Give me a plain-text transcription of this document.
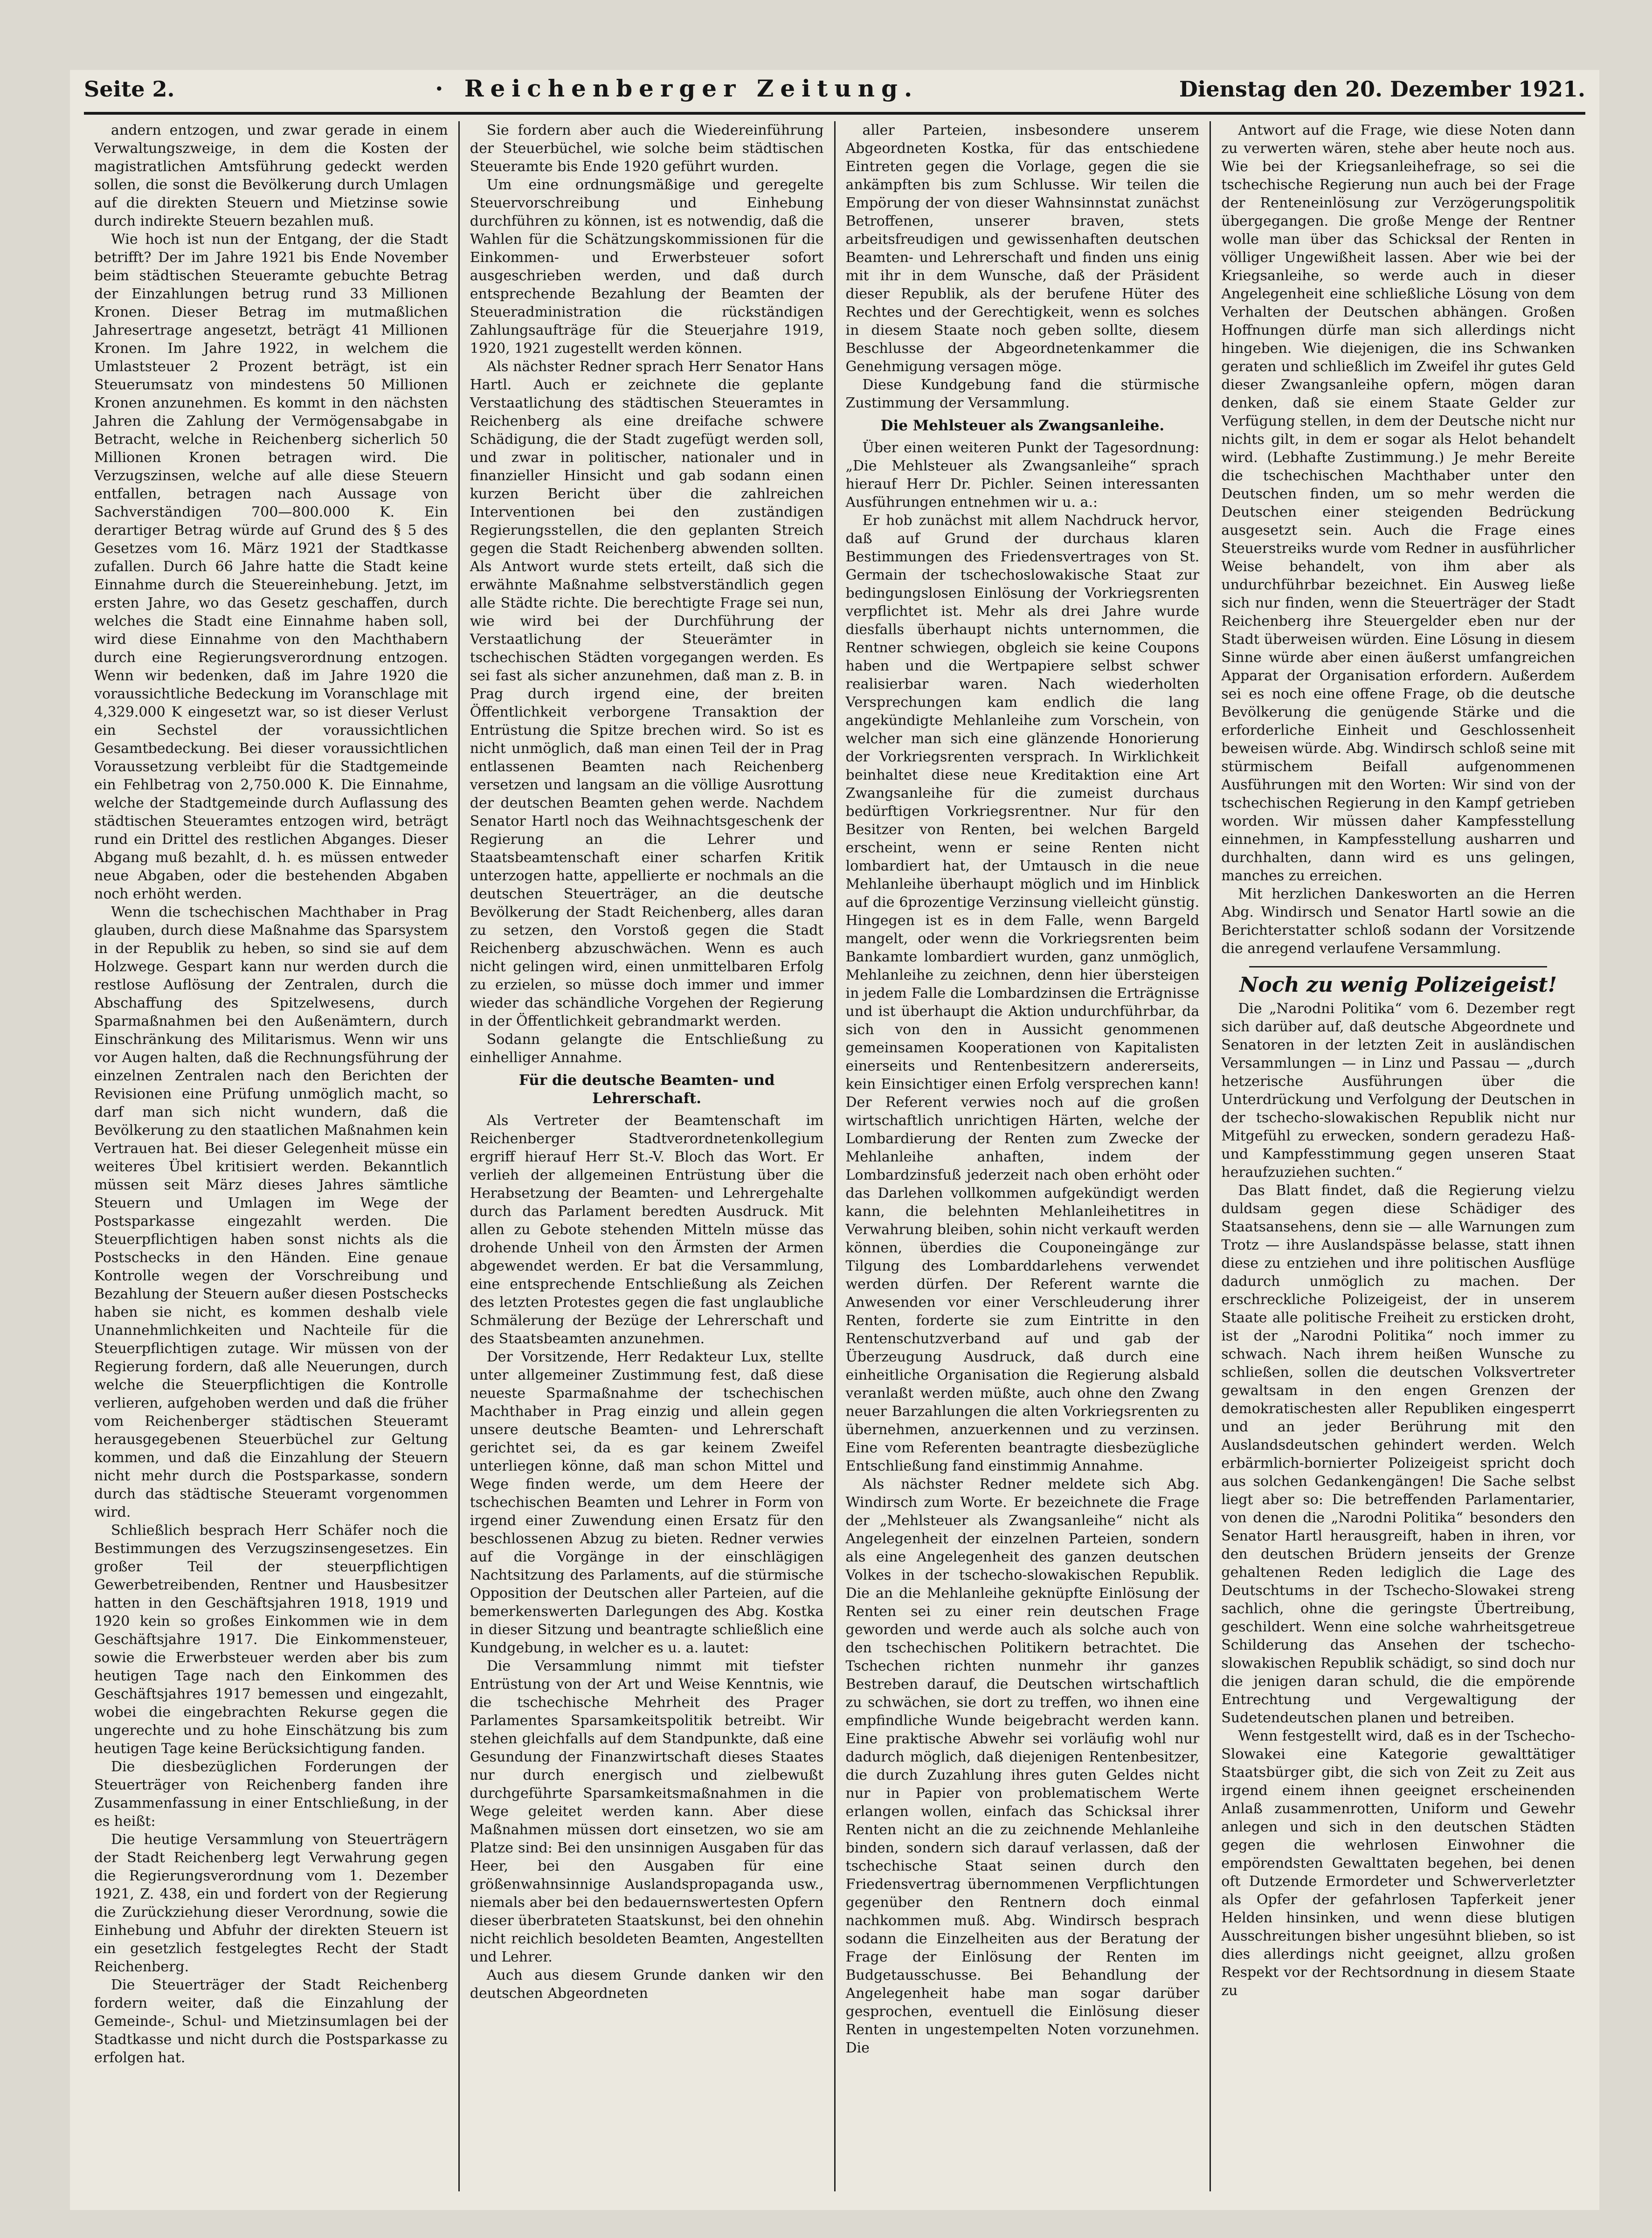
Seite 2.	· Reichenberger Zeitung.	Dienstag den 20. Dezember 1921.

andern entzogen, und zwar gerade in einem Verwaltungszweige, in dem die Kosten der magistratlichen Amtsführung gedeckt werden sollen, die sonst die Bevölkerung durch Umlagen auf die direkten Steuern und Mietzinse sowie durch indirekte Steuern bezahlen muß.

Wie hoch ist nun der Entgang, der die Stadt betrifft? Der im Jahre 1921 bis Ende November beim städtischen Steueramte gebuchte Betrag der Einzahlungen betrug rund 33 Millionen Kronen. Dieser Betrag im mutmaßlichen Jahresertrage angesetzt, beträgt 41 Millionen Kronen. Im Jahre 1922, in welchem die Umlaststeuer 2 Prozent beträgt, ist ein Steuerumsatz von mindestens 50 Millionen Kronen anzunehmen. Es kommt in den nächsten Jahren die Zahlung der Vermögensabgabe in Betracht, welche in Reichenberg sicherlich 50 Millionen Kronen betragen wird. Die Verzugszinsen, welche auf alle diese Steuern entfallen, betragen nach Aussage von Sachverständigen 700—800.000 K. Ein derartiger Betrag würde auf Grund des § 5 des Gesetzes vom 16. März 1921 der Stadtkasse zufallen. Durch 66 Jahre hatte die Stadt keine Einnahme durch die Steuereinhebung. Jetzt, im ersten Jahre, wo das Gesetz geschaffen, durch welches die Stadt eine Einnahme haben soll, wird diese Einnahme von den Machthabern durch eine Regierungsverordnung entzogen. Wenn wir bedenken, daß im Jahre 1920 die voraussichtliche Bedeckung im Voranschlage mit 4,329.000 K eingesetzt war, so ist dieser Verlust ein Sechstel der voraussichtlichen Gesamtbedeckung. Bei dieser voraussichtlichen Voraussetzung verbleibt für die Stadtgemeinde ein Fehlbetrag von 2,750.000 K. Die Einnahme, welche der Stadtgemeinde durch Auflassung des städtischen Steueramtes entzogen wird, beträgt rund ein Drittel des restlichen Abganges. Dieser Abgang muß bezahlt, d. h. es müssen entweder neue Abgaben, oder die bestehenden Abgaben noch erhöht werden.

Wenn die tschechischen Machthaber in Prag glauben, durch diese Maßnahme das Sparsystem in der Republik zu heben, so sind sie auf dem Holzwege. Gespart kann nur werden durch die restlose Auflösung der Zentralen, durch die Abschaffung des Spitzelwesens, durch Sparmaßnahmen bei den Außenämtern, durch Einschränkung des Militarismus. Wenn wir uns vor Augen halten, daß die Rechnungsführung der einzelnen Zentralen nach den Berichten der Revisionen eine Prüfung unmöglich macht, so darf man sich nicht wundern, daß die Bevölkerung zu den staatlichen Maßnahmen kein Vertrauen hat. Bei dieser Gelegenheit müsse ein weiteres Übel kritisiert werden. Bekanntlich müssen seit März dieses Jahres sämtliche Steuern und Umlagen im Wege der Postsparkasse eingezahlt werden. Die Steuerpflichtigen haben sonst nichts als die Postschecks in den Händen. Eine genaue Kontrolle wegen der Vorschreibung und Bezahlung der Steuern außer diesen Postschecks haben sie nicht, es kommen deshalb viele Unannehmlichkeiten und Nachteile für die Steuerpflichtigen zutage. Wir müssen von der Regierung fordern, daß alle Neuerungen, durch welche die Steuerpflichtigen die Kontrolle verlieren, aufgehoben werden und daß die früher vom Reichenberger städtischen Steueramt herausgegebenen Steuerbüchel zur Geltung kommen, und daß die Einzahlung der Steuern nicht mehr durch die Postsparkasse, sondern durch das städtische Steueramt vorgenommen wird.

Schließlich besprach Herr Schäfer noch die Bestimmungen des Verzugszinsengesetzes. Ein großer Teil der steuerpflichtigen Gewerbetreibenden, Rentner und Hausbesitzer hatten in den Geschäftsjahren 1918, 1919 und 1920 kein so großes Einkommen wie in dem Geschäftsjahre 1917. Die Einkommensteuer, sowie die Erwerbsteuer werden aber bis zum heutigen Tage nach den Einkommen des Geschäftsjahres 1917 bemessen und eingezahlt, wobei die eingebrachten Rekurse gegen die ungerechte und zu hohe Einschätzung bis zum heutigen Tage keine Berücksichtigung fanden.

Die diesbezüglichen Forderungen der Steuerträger von Reichenberg fanden ihre Zusammenfassung in einer Entschließung, in der es heißt:

Die heutige Versammlung von Steuerträgern der Stadt Reichenberg legt Verwahrung gegen die Regierungsverordnung vom 1. Dezember 1921, Z. 438, ein und fordert von der Regierung die Zurückziehung dieser Verordnung, sowie die Einhebung und Abfuhr der direkten Steuern ist ein gesetzlich festgelegtes Recht der Stadt Reichenberg.

Die Steuerträger der Stadt Reichenberg fordern weiter, daß die Einzahlung der Gemeinde-, Schul- und Mietzinsumlagen bei der Stadtkasse und nicht durch die Postsparkasse zu erfolgen hat.

Sie fordern aber auch die Wiedereinführung der Steuerbüchel, wie solche beim städtischen Steueramte bis Ende 1920 geführt wurden.

Um eine ordnungsmäßige und geregelte Steuervorschreibung und Einhebung durchführen zu können, ist es notwendig, daß die Wahlen für die Schätzungskommissionen für die Einkommen- und Erwerbsteuer sofort ausgeschrieben werden, und daß durch entsprechende Bezahlung der Beamten der Steueradministration die rückständigen Zahlungsaufträge für die Steuerjahre 1919, 1920, 1921 zugestellt werden können.

Als nächster Redner sprach Herr Senator Hans Hartl. Auch er zeichnete die geplante Verstaatlichung des städtischen Steueramtes in Reichenberg als eine dreifache schwere Schädigung, die der Stadt zugefügt werden soll, und zwar in politischer, nationaler und in finanzieller Hinsicht und gab sodann einen kurzen Bericht über die zahlreichen Interventionen bei den zuständigen Regierungsstellen, die den geplanten Streich gegen die Stadt Reichenberg abwenden sollten. Als Antwort wurde stets erteilt, daß sich die erwähnte Maßnahme selbstverständlich gegen alle Städte richte. Die berechtigte Frage sei nun, wie wird bei der Durchführung der Verstaatlichung der Steuerämter in tschechischen Städten vorgegangen werden. Es sei fast als sicher anzunehmen, daß man z. B. in Prag durch irgend eine, der breiten Öffentlichkeit verborgene Transaktion der Entrüstung die Spitze brechen wird. So ist es nicht unmöglich, daß man einen Teil der in Prag entlassenen Beamten nach Reichenberg versetzen und langsam an die völlige Ausrottung der deutschen Beamten gehen werde. Nachdem Senator Hartl noch das Weihnachtsgeschenk der Regierung an die Lehrer und Staatsbeamtenschaft einer scharfen Kritik unterzogen hatte, appellierte er nochmals an die deutschen Steuerträger, an die deutsche Bevölkerung der Stadt Reichenberg, alles daran zu setzen, den Vorstoß gegen die Stadt Reichenberg abzuschwächen. Wenn es auch nicht gelingen wird, einen unmittelbaren Erfolg zu erzielen, so müsse doch immer und immer wieder das schändliche Vorgehen der Regierung in der Öffentlichkeit gebrandmarkt werden.

Sodann gelangte die Entschließung zu einhelliger Annahme.

Für die deutsche Beamten- und Lehrerschaft.

Als Vertreter der Beamtenschaft im Reichenberger Stadtverordnetenkollegium ergriff hierauf Herr St.-V. Bloch das Wort. Er verlieh der allgemeinen Entrüstung über die Herabsetzung der Beamten- und Lehrergehalte durch das Parlament beredten Ausdruck. Mit allen zu Gebote stehenden Mitteln müsse das drohende Unheil von den Ärmsten der Armen abgewendet werden. Er bat die Versammlung, eine entsprechende Entschließung als Zeichen des letzten Protestes gegen die fast unglaubliche Schmälerung der Bezüge der Lehrerschaft und des Staatsbeamten anzunehmen.

Der Vorsitzende, Herr Redakteur Lux, stellte unter allgemeiner Zustimmung fest, daß diese neueste Sparmaßnahme der tschechischen Machthaber in Prag einzig und allein gegen unsere deutsche Beamten- und Lehrerschaft gerichtet sei, da es gar keinem Zweifel unterliegen könne, daß man schon Mittel und Wege finden werde, um dem Heere der tschechischen Beamten und Lehrer in Form von irgend einer Zuwendung einen Ersatz für den beschlossenen Abzug zu bieten. Redner verwies auf die Vorgänge in der einschlägigen Nachtsitzung des Parlaments, auf die stürmische Opposition der Deutschen aller Parteien, auf die bemerkenswerten Darlegungen des Abg. Kostka in dieser Sitzung und beantragte schließlich eine Kundgebung, in welcher es u. a. lautet:

Die Versammlung nimmt mit tiefster Entrüstung von der Art und Weise Kenntnis, wie die tschechische Mehrheit des Prager Parlamentes Sparsamkeitspolitik betreibt. Wir stehen gleichfalls auf dem Standpunkte, daß eine Gesundung der Finanzwirtschaft dieses Staates nur durch energisch und zielbewußt durchgeführte Sparsamkeitsmaßnahmen in die Wege geleitet werden kann. Aber diese Maßnahmen müssen dort einsetzen, wo sie am Platze sind: Bei den unsinnigen Ausgaben für das Heer, bei den Ausgaben für eine größenwahnsinnige Auslandspropaganda usw., niemals aber bei den bedauernswertesten Opfern dieser überbrateten Staatskunst, bei den ohnehin nicht reichlich besoldeten Beamten, Angestellten und Lehrer.

Auch aus diesem Grunde danken wir den deutschen Abgeordneten

aller Parteien, insbesondere unserem Abgeordneten Kostka, für das entschiedene Eintreten gegen die Vorlage, gegen die sie ankämpften bis zum Schlusse. Wir teilen die Empörung der von dieser Wahnsinnstat zunächst Betroffenen, unserer braven, stets arbeitsfreudigen und gewissenhaften deutschen Beamten- und Lehrerschaft und finden uns einig mit ihr in dem Wunsche, daß der Präsident dieser Republik, als der berufene Hüter des Rechtes und der Gerechtigkeit, wenn es solches in diesem Staate noch geben sollte, diesem Beschlusse der Abgeordnetenkammer die Genehmigung versagen möge.

Diese Kundgebung fand die stürmische Zustimmung der Versammlung.

Die Mehlsteuer als Zwangsanleihe.

Über einen weiteren Punkt der Tagesordnung: „Die Mehlsteuer als Zwangsanleihe“ sprach hierauf Herr Dr. Pichler. Seinen interessanten Ausführungen entnehmen wir u. a.:

Er hob zunächst mit allem Nachdruck hervor, daß auf Grund der durchaus klaren Bestimmungen des Friedensvertrages von St. Germain der tschechoslowakische Staat zur bedingungslosen Einlösung der Vorkriegsrenten verpflichtet ist. Mehr als drei Jahre wurde diesfalls überhaupt nichts unternommen, die Rentner schwiegen, obgleich sie keine Coupons haben und die Wertpapiere selbst schwer realisierbar waren. Nach wiederholten Versprechungen kam endlich die lang angekündigte Mehlanleihe zum Vorschein, von welcher man sich eine glänzende Honorierung der Vorkriegsrenten versprach. In Wirklichkeit beinhaltet diese neue Kreditaktion eine Art Zwangsanleihe für die zumeist durchaus bedürftigen Vorkriegsrentner. Nur für den Besitzer von Renten, bei welchen Bargeld erscheint, wenn er seine Renten nicht lombardiert hat, der Umtausch in die neue Mehlanleihe überhaupt möglich und im Hinblick auf die 6prozentige Verzinsung vielleicht günstig. Hingegen ist es in dem Falle, wenn Bargeld mangelt, oder wenn die Vorkriegsrenten beim Bankamte lombardiert wurden, ganz unmöglich, Mehlanleihe zu zeichnen, denn hier übersteigen in jedem Falle die Lombardzinsen die Erträgnisse und ist überhaupt die Aktion undurchführbar, da sich von den in Aussicht genommenen gemeinsamen Kooperationen von Kapitalisten einerseits und Rentenbesitzern andererseits, kein Einsichtiger einen Erfolg versprechen kann! Der Referent verwies noch auf die großen wirtschaftlich unrichtigen Härten, welche der Lombardierung der Renten zum Zwecke der Mehlanleihe anhaften, indem der Lombardzinsfuß jederzeit nach oben erhöht oder das Darlehen vollkommen aufgekündigt werden kann, die belehnten Mehlanleihetitres in Verwahrung bleiben, sohin nicht verkauft werden können, überdies die Couponeingänge zur Tilgung des Lombarddarlehens verwendet werden dürfen. Der Referent warnte die Anwesenden vor einer Verschleuderung ihrer Renten, forderte sie zum Eintritte in den Rentenschutzverband auf und gab der Überzeugung Ausdruck, daß durch eine einheitliche Organisation die Regierung alsbald veranlaßt werden müßte, auch ohne den Zwang neuer Barzahlungen die alten Vorkriegsrenten zu übernehmen, anzuerkennen und zu verzinsen. Eine vom Referenten beantragte diesbezügliche Entschließung fand einstimmig Annahme.

Als nächster Redner meldete sich Abg. Windirsch zum Worte. Er bezeichnete die Frage der „Mehlsteuer als Zwangsanleihe“ nicht als Angelegenheit der einzelnen Parteien, sondern als eine Angelegenheit des ganzen deutschen Volkes in der tschecho-slowakischen Republik. Die an die Mehlanleihe geknüpfte Einlösung der Renten sei zu einer rein deutschen Frage geworden und werde auch als solche auch von den tschechischen Politikern betrachtet. Die Tschechen richten nunmehr ihr ganzes Bestreben darauf, die Deutschen wirtschaftlich zu schwächen, sie dort zu treffen, wo ihnen eine empfindliche Wunde beigebracht werden kann. Eine praktische Abwehr sei vorläufig wohl nur dadurch möglich, daß diejenigen Rentenbesitzer, die durch Zuzahlung ihres guten Geldes nicht nur in Papier von problematischem Werte erlangen wollen, einfach das Schicksal ihrer Renten nicht an die zu zeichnende Mehlanleihe binden, sondern sich darauf verlassen, daß der tschechische Staat seinen durch den Friedensvertrag übernommenen Verpflichtungen gegenüber den Rentnern doch einmal nachkommen muß. Abg. Windirsch besprach sodann die Einzelheiten aus der Beratung der Frage der Einlösung der Renten im Budgetausschusse. Bei Behandlung der Angelegenheit habe man sogar darüber gesprochen, eventuell die Einlösung dieser Renten in ungestempelten Noten vorzunehmen. Die

Antwort auf die Frage, wie diese Noten dann zu verwerten wären, stehe aber heute noch aus. Wie bei der Kriegsanleihefrage, so sei die tschechische Regierung nun auch bei der Frage der Renteneinlösung zur Verzögerungspolitik übergegangen. Die große Menge der Rentner wolle man über das Schicksal der Renten in völliger Ungewißheit lassen. Aber wie bei der Kriegsanleihe, so werde auch in dieser Angelegenheit eine schließliche Lösung von dem Verhalten der Deutschen abhängen. Großen Hoffnungen dürfe man sich allerdings nicht hingeben. Wie diejenigen, die ins Schwanken geraten und schließlich im Zweifel ihr gutes Geld dieser Zwangsanleihe opfern, mögen daran denken, daß sie einem Staate Gelder zur Verfügung stellen, in dem der Deutsche nicht nur nichts gilt, in dem er sogar als Helot behandelt wird. (Lebhafte Zustimmung.) Je mehr Bereite die tschechischen Machthaber unter den Deutschen finden, um so mehr werden die Deutschen einer steigenden Bedrückung ausgesetzt sein. Auch die Frage eines Steuerstreiks wurde vom Redner in ausführlicher Weise behandelt, von ihm aber als undurchführbar bezeichnet. Ein Ausweg ließe sich nur finden, wenn die Steuerträger der Stadt Reichenberg ihre Steuergelder eben nur der Stadt überweisen würden. Eine Lösung in diesem Sinne würde aber einen äußerst umfangreichen Apparat der Organisation erfordern. Außerdem sei es noch eine offene Frage, ob die deutsche Bevölkerung die genügende Stärke und die erforderliche Einheit und Geschlossenheit beweisen würde. Abg. Windirsch schloß seine mit stürmischem Beifall aufgenommenen Ausführungen mit den Worten: Wir sind von der tschechischen Regierung in den Kampf getrieben worden. Wir müssen daher Kampfesstellung einnehmen, in Kampfesstellung ausharren und durchhalten, dann wird es uns gelingen, manches zu erreichen.

Mit herzlichen Dankesworten an die Herren Abg. Windirsch und Senator Hartl sowie an die Berichterstatter schloß sodann der Vorsitzende die anregend verlaufene Versammlung.

Noch zu wenig Polizeigeist!

Die „Narodni Politika“ vom 6. Dezember regt sich darüber auf, daß deutsche Abgeordnete und Senatoren in der letzten Zeit in ausländischen Versammlungen — in Linz und Passau — „durch hetzerische Ausführungen über die Unterdrückung und Verfolgung der Deutschen in der tschecho-slowakischen Republik nicht nur Mitgefühl zu erwecken, sondern geradezu Haß- und Kampfesstimmung gegen unseren Staat heraufzuziehen suchten.“

Das Blatt findet, daß die Regierung vielzu duldsam gegen diese Schädiger des Staatsansehens, denn sie — alle Warnungen zum Trotz — ihre Auslandspässe belasse, statt ihnen diese zu entziehen und ihre politischen Ausflüge dadurch unmöglich zu machen. Der erschreckliche Polizeigeist, der in unserem Staate alle politische Freiheit zu ersticken droht, ist der „Narodni Politika“ noch immer zu schwach. Nach ihrem heißen Wunsche zu schließen, sollen die deutschen Volksvertreter gewaltsam in den engen Grenzen der demokratischesten aller Republiken eingesperrt und an jeder Berührung mit den Auslandsdeutschen gehindert werden. Welch erbärmlich-bornierter Polizeigeist spricht doch aus solchen Gedankengängen! Die Sache selbst liegt aber so: Die betreffenden Parlamentarier, von denen die „Narodni Politika“ besonders den Senator Hartl herausgreift, haben in ihren, vor den deutschen Brüdern jenseits der Grenze gehaltenen Reden lediglich die Lage des Deutschtums in der Tschecho-Slowakei streng sachlich, ohne die geringste Übertreibung, geschildert. Wenn eine solche wahrheitsgetreue Schilderung das Ansehen der tschecho-slowakischen Republik schädigt, so sind doch nur die jenigen daran schuld, die die empörende Entrechtung und Vergewaltigung der Sudetendeutschen planen und betreiben.

Wenn festgestellt wird, daß es in der Tschecho-Slowakei eine Kategorie gewalttätiger Staatsbürger gibt, die sich von Zeit zu Zeit aus irgend einem ihnen geeignet erscheinenden Anlaß zusammenrotten, Uniform und Gewehr anlegen und sich in den deutschen Städten gegen die wehrlosen Einwohner die empörendsten Gewalttaten begehen, bei denen oft Dutzende Ermordeter und Schwerverletzter als Opfer der gefahrlosen Tapferkeit jener Helden hinsinken, und wenn diese blutigen Ausschreitungen bisher ungesühnt blieben, so ist dies allerdings nicht geeignet, allzu großen Respekt vor der Rechtsordnung in diesem Staate zu
